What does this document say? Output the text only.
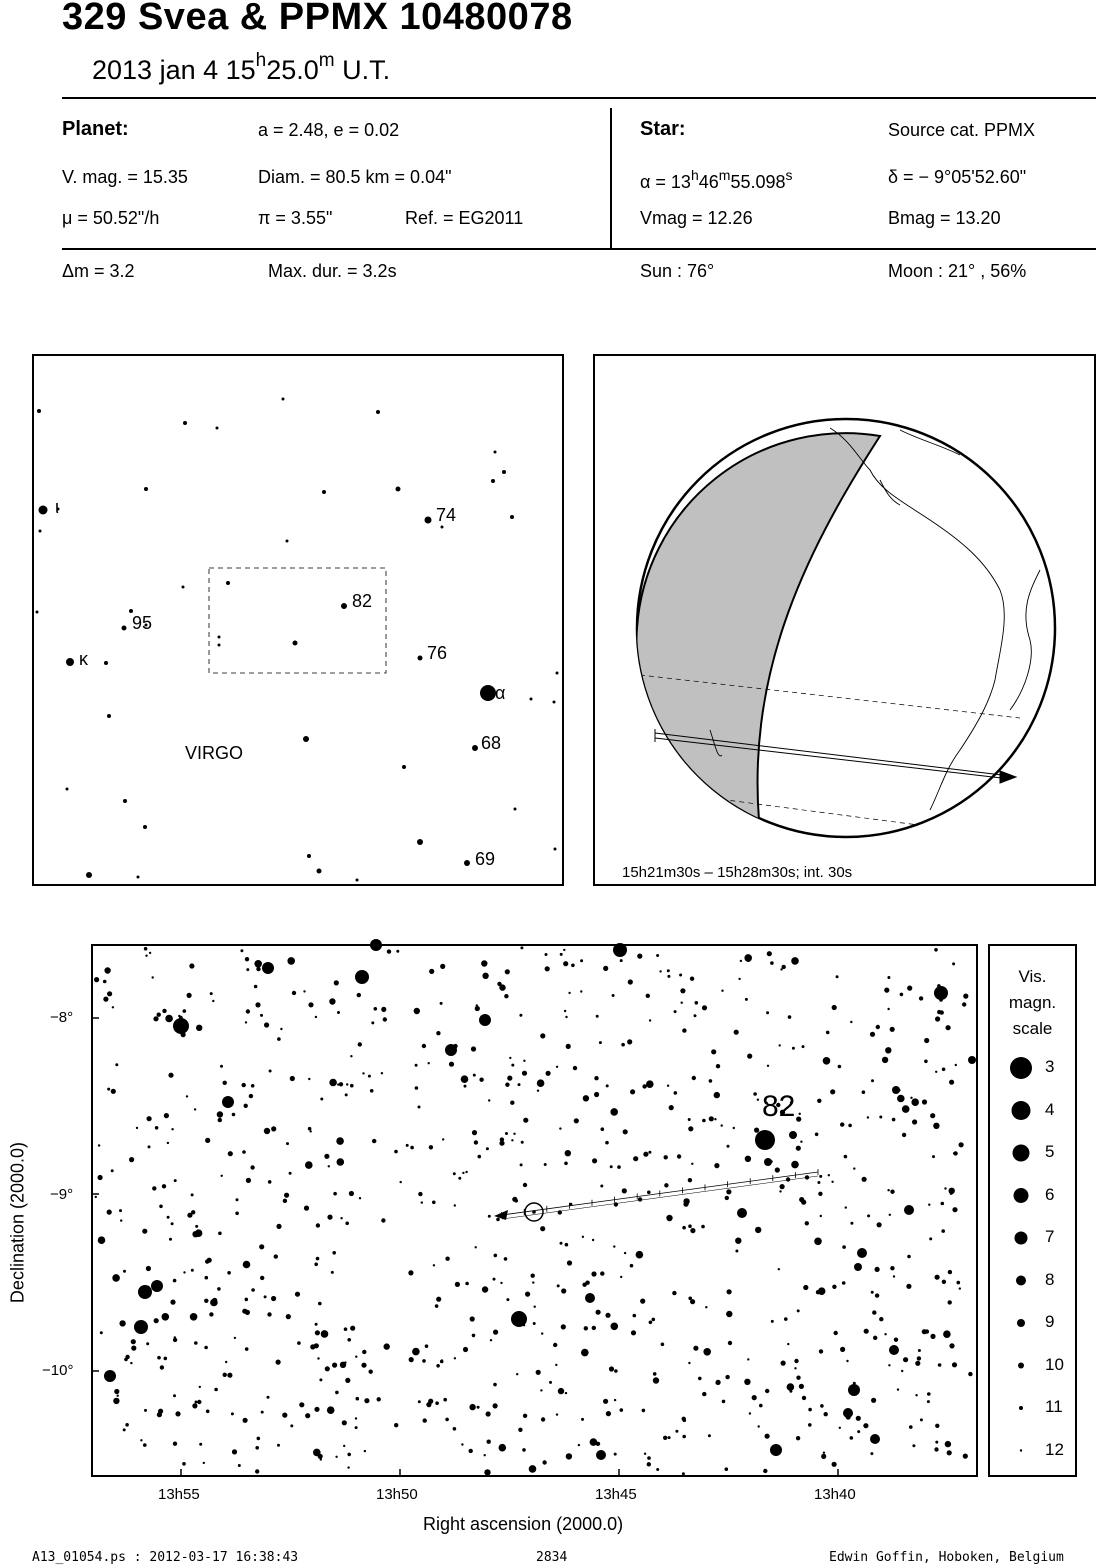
329 Svea & PPMX 10480078
2013 jan 4 15$^h$25.0$^m$ U.T.
Planet:	a = 2.48, e = 0.02
V. mag. = 15.35	Diam. = 80.5 km = 0.04"
μ = 50.52"/h	π = 3.55"	Ref. = EG2011
Star:	Source cat. PPMX
$\alpha = 13^h46^m55.098^s$	δ = − 9°05'52.60"
Vmag = 12.26	Bmag = 13.20
Δm = 3.2	Max. dur. = 3.2s	Sun : 76°	Moon : 21° , 56%
ι	74
82
95
76
κ
α
68
69
VIRGO
15h21m30s – 15h28m30s; int. 30s
82
Right ascension (2000.0)
Declination (2000.0)
−8°
−9°
−10°
13h55	13h50	13h45	13h40
Vis.
magn.
scale
3
4
5
6
7
8
9
10
11
12
A13_01054.ps : 2012-03-17 16:38:43	2834	Edwin Goffin, Hoboken, Belgium
